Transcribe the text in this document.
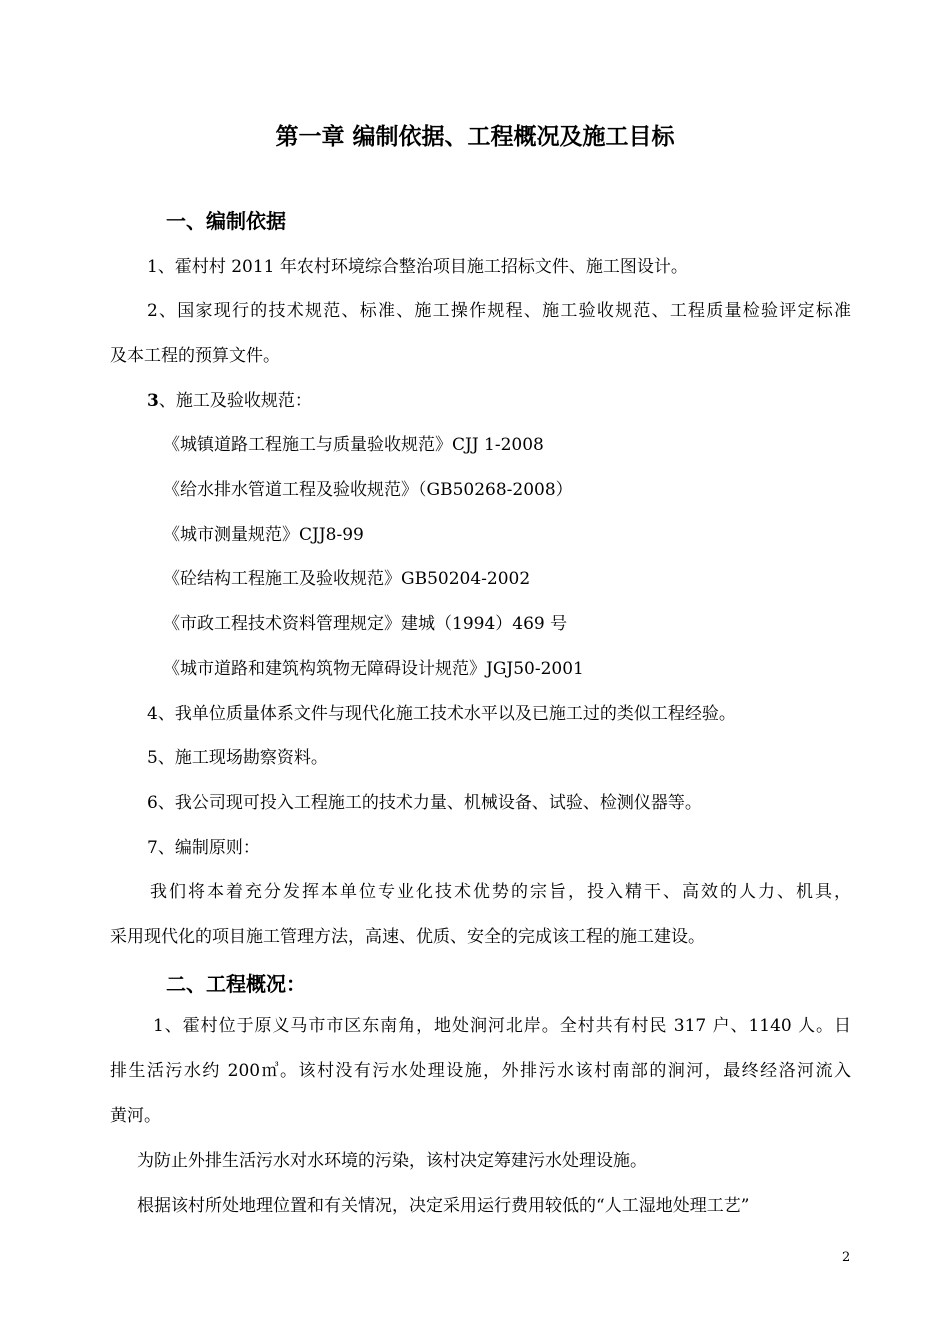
第一章 编制依据、工程概况及施工目标
一、编制依据
1、霍村村 2011 年农村环境综合整治项目施工招标文件、施工图设计。
2、国家现行的技术规范、标准、施工操作规程、施工验收规范、工程质量检验评定标准
及本工程的预算文件。
3、施工及验收规范：
《城镇道路工程施工与质量验收规范》CJJ 1-2008
《给水排水管道工程及验收规范》（GB50268-2008）
《城市测量规范》CJJ8-99
《砼结构工程施工及验收规范》GB50204-2002
《市政工程技术资料管理规定》建城（1994）469 号
《城市道路和建筑构筑物无障碍设计规范》JGJ50-2001
4、我单位质量体系文件与现代化施工技术水平以及已施工过的类似工程经验。
5、施工现场勘察资料。
6、我公司现可投入工程施工的技术力量、机械设备、试验、检测仪器等。
7、编制原则：
我们将本着充分发挥本单位专业化技术优势的宗旨，投入精干、高效的人力、机具，
采用现代化的项目施工管理方法，高速、优质、安全的完成该工程的施工建设。
二、工程概况：
1、霍村位于原义马市市区东南角，地处涧河北岸。全村共有村民 317 户、1140 人。日
排生活污水约 200㎥。该村没有污水处理设施，外排污水该村南部的涧河，最终经洛河流入
黄河。
为防止外排生活污水对水环境的污染，该村决定筹建污水处理设施。
根据该村所处地理位置和有关情况，决定采用运行费用较低的“人工湿地处理工艺”
2
